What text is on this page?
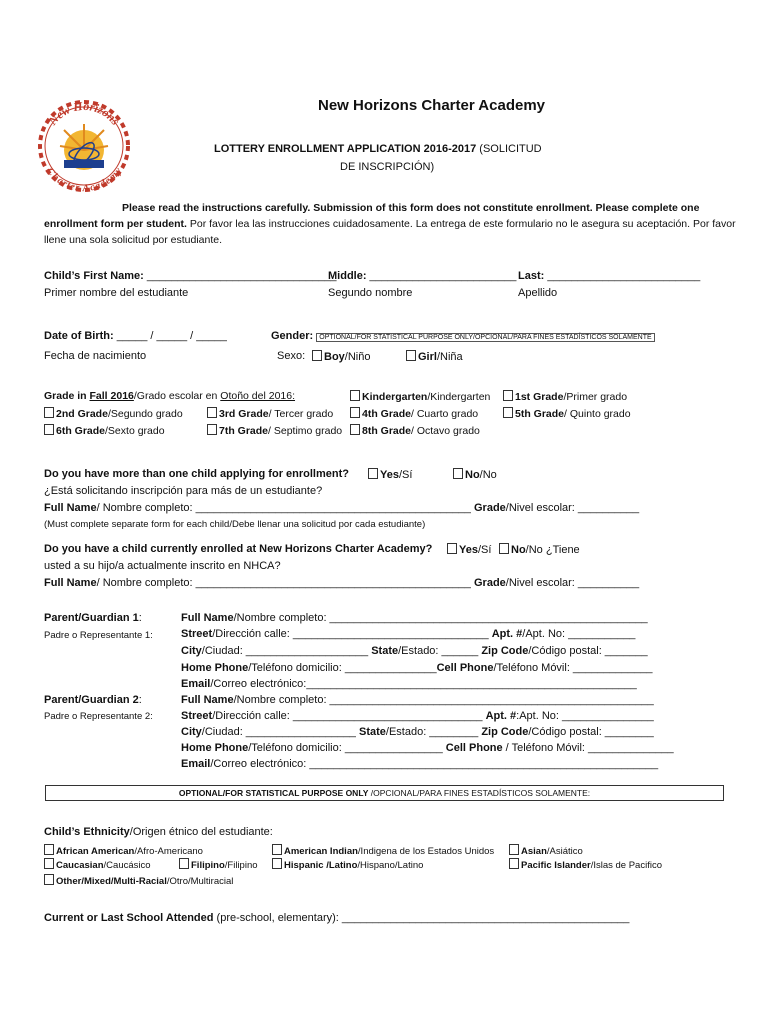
New Horizons
Charter Academy
New Horizons Charter Academy
LOTTERY ENROLLMENT APPLICATION 2016-2017 (SOLICITUD
DE INSCRIPCIÓN)
Please read the instructions carefully. Submission of this form does not constitute enrollment. Please complete one
enrollment form per student. Por favor lea las instrucciones cuidadosamente. La entrega de este formulario no le asegura su aceptación. Por favor
llene una sola solicitud por estudiante.
Child’s First Name: _______________________________
Middle: ________________________ Last: _________________________
Primer nombre del estudiante	Segundo nombre	Apellido
Date of Birth: _____ / _____ / _____	Gender: OPTIONAL/FOR STATISTICAL PURPOSE ONLY/OPCIONAL/PARA FINES ESTADÍSTICOS SOLAMENTE
Fecha de nacimiento	Sexo:	Boy/Niño	Girl/Niña
Grade in Fall 2016/Grado escolar en Otoño del 2016:	Kindergarten/Kindergarten	1st Grade/Primer grado
2nd Grade/Segundo grado	3rd Grade/ Tercer grado	4th Grade/ Cuarto grado	5th Grade/ Quinto grado
6th Grade/Sexto grado	7th Grade/ Septimo grado	8th Grade/ Octavo grado
Do you have more than one child applying for enrollment?	Yes/Sí	No/No
¿Está solicitando inscripción para más de un estudiante?
Full Name/ Nombre completo: _____________________________________________ Grade/Nivel escolar: __________
(Must complete separate form for each child/Debe llenar una solicitud por cada estudiante)
Do you have a child currently enrolled at New Horizons Charter Academy?	Yes/Sí	No/No ¿Tiene
usted a su hijo/a actualmente inscrito en NHCA?
Full Name/ Nombre completo: _____________________________________________ Grade/Nivel escolar: __________
Parent/Guardian 1:
Padre o Representante 1:
Full Name/Nombre completo: ____________________________________________________
Street/Dirección calle: ________________________________ Apt. #/Apt. No: ___________
City/Ciudad: ____________________ State/Estado: ______ Zip Code/Código postal: _______
Home Phone/Teléfono domicilio: _______________Cell Phone/Teléfono Móvil: _____________
Email/Correo electrónico:______________________________________________________
Parent/Guardian 2:
Padre o Representante 2:
Full Name/Nombre completo: _____________________________________________________
Street/Dirección calle: _______________________________ Apt. #:Apt. No: _______________
City/Ciudad: __________________ State/Estado: ________ Zip Code/Código postal: ________
Home Phone/Teléfono domicilio: ________________ Cell Phone / Teléfono Móvil: ______________
Email/Correo electrónico: _________________________________________________________
OPTIONAL/FOR STATISTICAL PURPOSE ONLY /OPCIONAL/PARA FINES ESTADÍSTICOS SOLAMENTE:
Child’s Ethnicity/Origen étnico del estudiante:
African American/Afro-Americano	American Indian/Indigena de los Estados Unidos	Asian/Asiático
Caucasian/Caucásico	Filipino/Filipino	Hispanic /Latino/Hispano/Latino	Pacific Islander/Islas de Pacifico
Other/Mixed/Multi-Racial/Otro/Multiracial
Current or Last School Attended (pre-school, elementary): _______________________________________________
